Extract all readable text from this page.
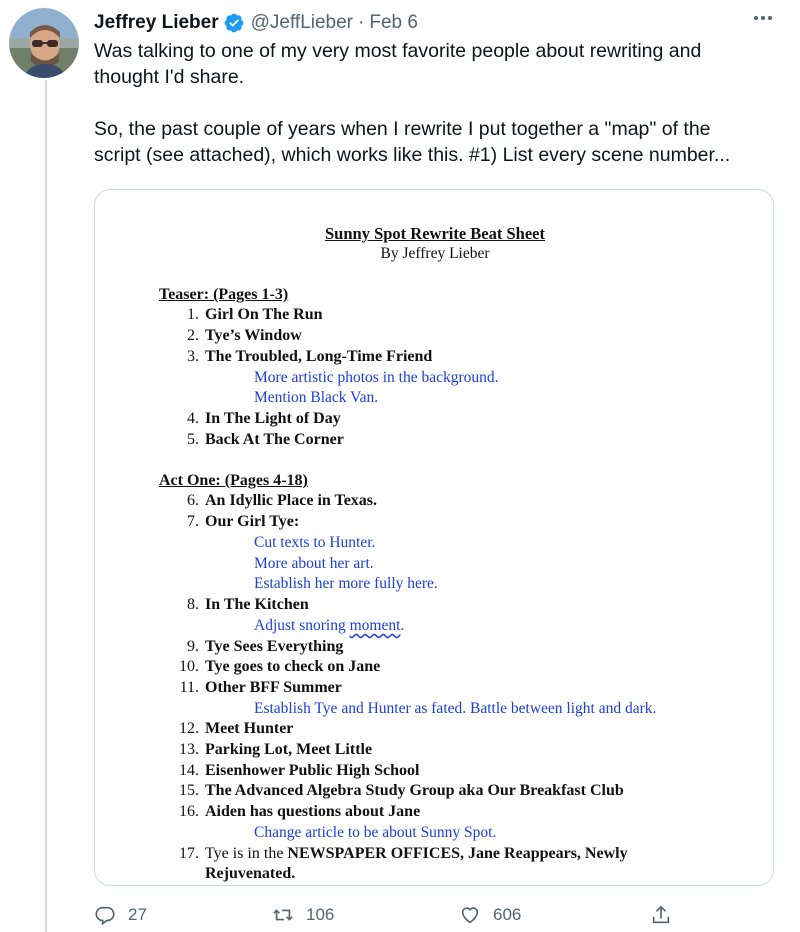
Jeffrey Lieber @JeffLieber · Feb 6

Was talking to one of my very most favorite people about rewriting and

thought I'd share.

So, the past couple of years when I rewrite I put together a "map" of the

script (see attached), which works like this. #1) List every scene number...

Sunny Spot Rewrite Beat Sheet
By Jeffrey Lieber
Teaser: (Pages 1-3)
1. Girl On The Run
2. Tye’s Window
3. The Troubled, Long-Time Friend
More artistic photos in the background.
Mention Black Van.
4. In The Light of Day
5. Back At The Corner
Act One: (Pages 4-18)
6. An Idyllic Place in Texas.
7. Our Girl Tye:
Cut texts to Hunter.
More about her art.
Establish her more fully here.
8. In The Kitchen
Adjust snoring moment.
9. Tye Sees Everything
10. Tye goes to check on Jane
11. Other BFF Summer
Establish Tye and Hunter as fated. Battle between light and dark.
12. Meet Hunter
13. Parking Lot, Meet Little
14. Eisenhower Public High School
15. The Advanced Algebra Study Group aka Our Breakfast Club
16. Aiden has questions about Jane
Change article to be about Sunny Spot.
17. Tye is in the NEWSPAPER OFFICES, Jane Reappears, Newly
Rejuvenated.
27	106	606
